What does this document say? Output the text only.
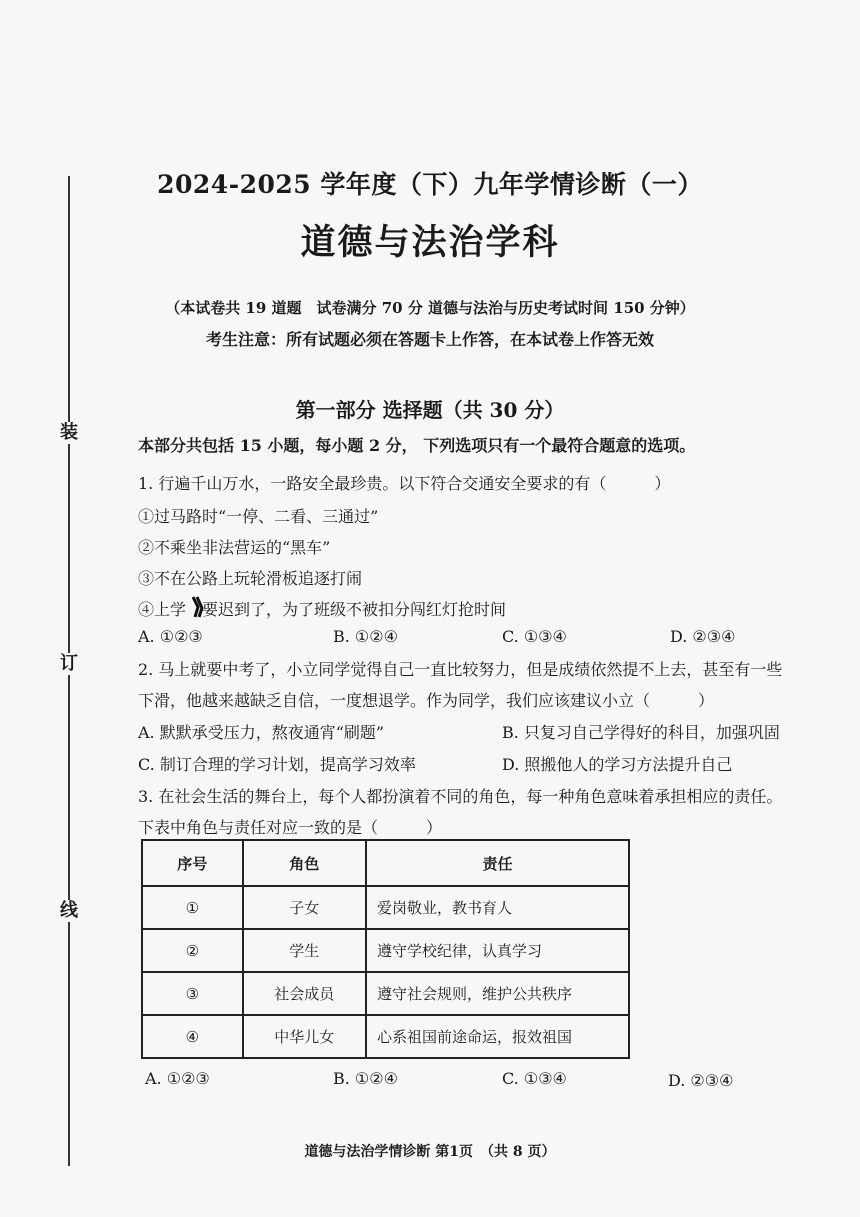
装
订
线
2024-2025 学年度（下）九年学情诊断（一）
道德与法治学科
（本试卷共 19 道题　试卷满分 70 分 道德与法治与历史考试时间 150 分钟）
考生注意：所有试题必须在答题卡上作答，在本试卷上作答无效
第一部分 选择题（共 30 分）
本部分共包括 15 小题，每小题 2 分， 下列选项只有一个最符合题意的选项。
1. 行遍千山万水，一路安全最珍贵。以下符合交通安全要求的有（　　　）
①过马路时“一停、二看、三通过”
②不乘坐非法营运的“黑车”
③不在公路上玩轮滑板追逐打闹
④上学　要迟到了，为了班级不被扣分闯红灯抢时间
A. ①②③	B. ①②④	C. ①③④	D. ②③④
2. 马上就要中考了，小立同学觉得自己一直比较努力，但是成绩依然提不上去，甚至有一些
下滑，他越来越缺乏自信，一度想退学。作为同学，我们应该建议小立（　　　）
A. 默默承受压力，熬夜通宵“刷题”	B. 只复习自己学得好的科目，加强巩固
C. 制订合理的学习计划，提高学习效率	D. 照搬他人的学习方法提升自己
3. 在社会生活的舞台上，每个人都扮演着不同的角色，每一种角色意味着承担相应的责任。
下表中角色与责任对应一致的是（　　　）
序号	角色	责任
①	子女	爱岗敬业，教书育人
②	学生	遵守学校纪律，认真学习
③	社会成员	遵守社会规则，维护公共秩序
④	中华儿女	心系祖国前途命运，报效祖国
A. ①②③	B. ①②④	C. ①③④	D. ②③④
道德与法治学情诊断 第1页　（共 8 页）
